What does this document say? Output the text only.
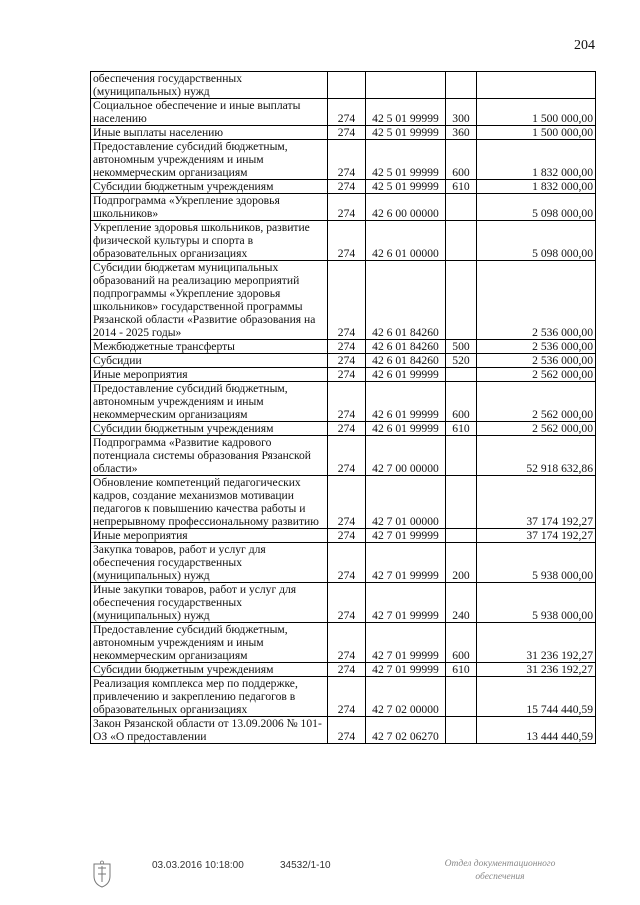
204
обеспечения государственных (муниципальных) нужд				
Социальное обеспечение и иные выплаты населению	274	42 5 01 99999	300	1 500 000,00
Иные выплаты населению	274	42 5 01 99999	360	1 500 000,00
Предоставление субсидий бюджетным, автономным учреждениям и иным некоммерческим организациям	274	42 5 01 99999	600	1 832 000,00
Субсидии бюджетным учреждениям	274	42 5 01 99999	610	1 832 000,00
Подпрограмма «Укрепление здоровья школьников»	274	42 6 00 00000		5 098 000,00
Укрепление здоровья школьников, развитие физической культуры и спорта в образовательных организациях	274	42 6 01 00000		5 098 000,00
Субсидии бюджетам муниципальных образований на реализацию мероприятий подпрограммы «Укрепление здоровья школьников» государственной программы Рязанской области «Развитие образования на 2014 - 2025 годы»	274	42 6 01 84260		2 536 000,00
Межбюджетные трансферты	274	42 6 01 84260	500	2 536 000,00
Субсидии	274	42 6 01 84260	520	2 536 000,00
Иные мероприятия	274	42 6 01 99999		2 562 000,00
Предоставление субсидий бюджетным, автономным учреждениям и иным некоммерческим организациям	274	42 6 01 99999	600	2 562 000,00
Субсидии бюджетным учреждениям	274	42 6 01 99999	610	2 562 000,00
Подпрограмма «Развитие кадрового потенциала системы образования Рязанской области»	274	42 7 00 00000		52 918 632,86
Обновление компетенций педагогических кадров, создание механизмов мотивации педагогов к повышению качества работы и непрерывному профессиональному развитию	274	42 7 01 00000		37 174 192,27
Иные мероприятия	274	42 7 01 99999		37 174 192,27
Закупка товаров, работ и услуг для обеспечения государственных (муниципальных) нужд	274	42 7 01 99999	200	5 938 000,00
Иные закупки товаров, работ и услуг для обеспечения государственных (муниципальных) нужд	274	42 7 01 99999	240	5 938 000,00
Предоставление субсидий бюджетным, автономным учреждениям и иным некоммерческим организациям	274	42 7 01 99999	600	31 236 192,27
Субсидии бюджетным учреждениям	274	42 7 01 99999	610	31 236 192,27
Реализация комплекса мер по поддержке, привлечению и закреплению педагогов в образовательных организациях	274	42 7 02 00000		15 744 440,59
Закон Рязанской области от 13.09.2006 № 101-ОЗ «О предоставлении	274	42 7 02 06270		13 444 440,59
03.03.2016 10:18:00	34532/1-10	Отдел документационного
обеспечения
